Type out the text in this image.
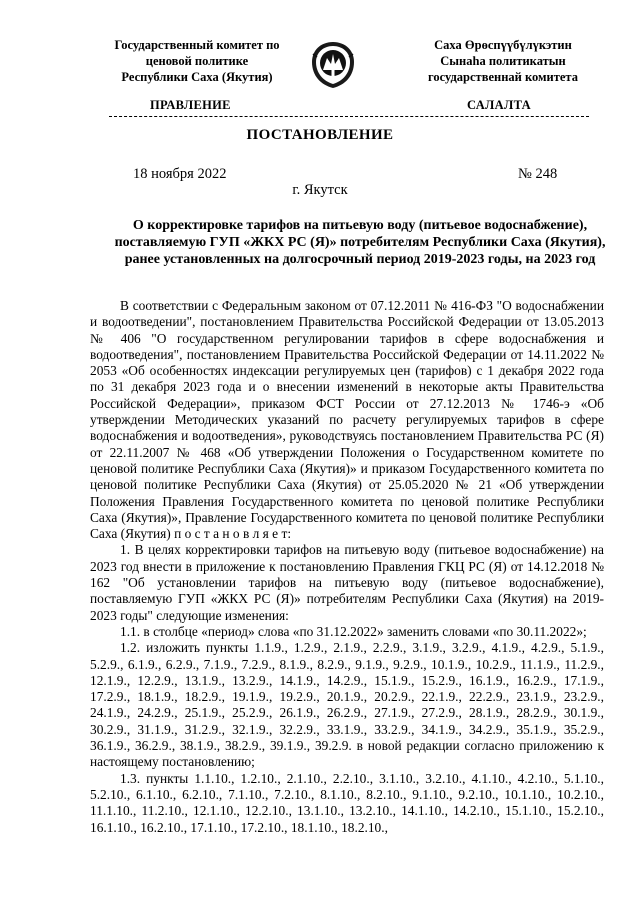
Государственный комитет по
ценовой политике
Республики Саха (Якутия)
Саха Өрөспүүбүлүкэтин
Сынаһа политикатын
государственнай комитета
ПРАВЛЕНИЕ	САЛАЛТА
ПОСТАНОВЛЕНИЕ
18 ноября 2022	№ 248
г. Якутск
О корректировке тарифов на питьевую воду (питьевое водоснабжение), поставляемую ГУП «ЖКХ РС (Я)» потребителям Республики Саха (Якутия), ранее установленных на долгосрочный период 2019-2023 годы, на 2023 год

В соответствии с Федеральным законом от 07.12.2011 № 416-ФЗ "О водоснабжении и водоотведении", постановлением Правительства Российской Федерации от 13.05.2013 № 406 "О государственном регулировании тарифов в сфере водоснабжения и водоотведения", постановлением Правительства Российской Федерации от 14.11.2022 № 2053 «Об особенностях индексации регулируемых цен (тарифов) с 1 декабря 2022 года по 31 декабря 2023 года и о внесении изменений в некоторые акты Правительства Российской Федерации», приказом ФСТ России от 27.12.2013 № 1746-э «Об утверждении Методических указаний по расчету регулируемых тарифов в сфере водоснабжения и водоотведения», руководствуясь постановлением Правительства РС (Я) от 22.11.2007 № 468 «Об утверждении Положения о Государственном комитете по ценовой политике Республики Саха (Якутия)» и приказом Государственного комитета по ценовой политике Республики Саха (Якутия) от 25.05.2020 № 21 «Об утверждении Положения Правления Государственного комитета по ценовой политике Республики Саха (Якутия)», Правление Государственного комитета по ценовой политике Республики Саха (Якутия) п о с т а н о в л я е т:

1. В целях корректировки тарифов на питьевую воду (питьевое водоснабжение) на 2023 год внести в приложение к постановлению Правления ГКЦ РС (Я) от 14.12.2018 № 162 "Об установлении тарифов на питьевую воду (питьевое водоснабжение), поставляемую ГУП «ЖКХ РС (Я)» потребителям Республики Саха (Якутия) на 2019-2023 годы" следующие изменения:

1.1. в столбце «период» слова «по 31.12.2022» заменить словами «по 30.11.2022»;

1.2. изложить пункты 1.1.9., 1.2.9., 2.1.9., 2.2.9., 3.1.9., 3.2.9., 4.1.9., 4.2.9., 5.1.9., 5.2.9., 6.1.9., 6.2.9., 7.1.9., 7.2.9., 8.1.9., 8.2.9., 9.1.9., 9.2.9., 10.1.9., 10.2.9., 11.1.9., 11.2.9., 12.1.9., 12.2.9., 13.1.9., 13.2.9., 14.1.9., 14.2.9., 15.1.9., 15.2.9., 16.1.9., 16.2.9., 17.1.9., 17.2.9., 18.1.9., 18.2.9., 19.1.9., 19.2.9., 20.1.9., 20.2.9., 22.1.9., 22.2.9., 23.1.9., 23.2.9., 24.1.9., 24.2.9., 25.1.9., 25.2.9., 26.1.9., 26.2.9., 27.1.9., 27.2.9., 28.1.9., 28.2.9., 30.1.9., 30.2.9., 31.1.9., 31.2.9., 32.1.9., 32.2.9., 33.1.9., 33.2.9., 34.1.9., 34.2.9., 35.1.9., 35.2.9., 36.1.9., 36.2.9., 38.1.9., 38.2.9., 39.1.9., 39.2.9. в новой редакции согласно приложению к настоящему постановлению;

1.3. пункты 1.1.10., 1.2.10., 2.1.10., 2.2.10., 3.1.10., 3.2.10., 4.1.10., 4.2.10., 5.1.10., 5.2.10., 6.1.10., 6.2.10., 7.1.10., 7.2.10., 8.1.10., 8.2.10., 9.1.10., 9.2.10., 10.1.10., 10.2.10., 11.1.10., 11.2.10., 12.1.10., 12.2.10., 13.1.10., 13.2.10., 14.1.10., 14.2.10., 15.1.10., 15.2.10., 16.1.10., 16.2.10., 17.1.10., 17.2.10., 18.1.10., 18.2.10.,
